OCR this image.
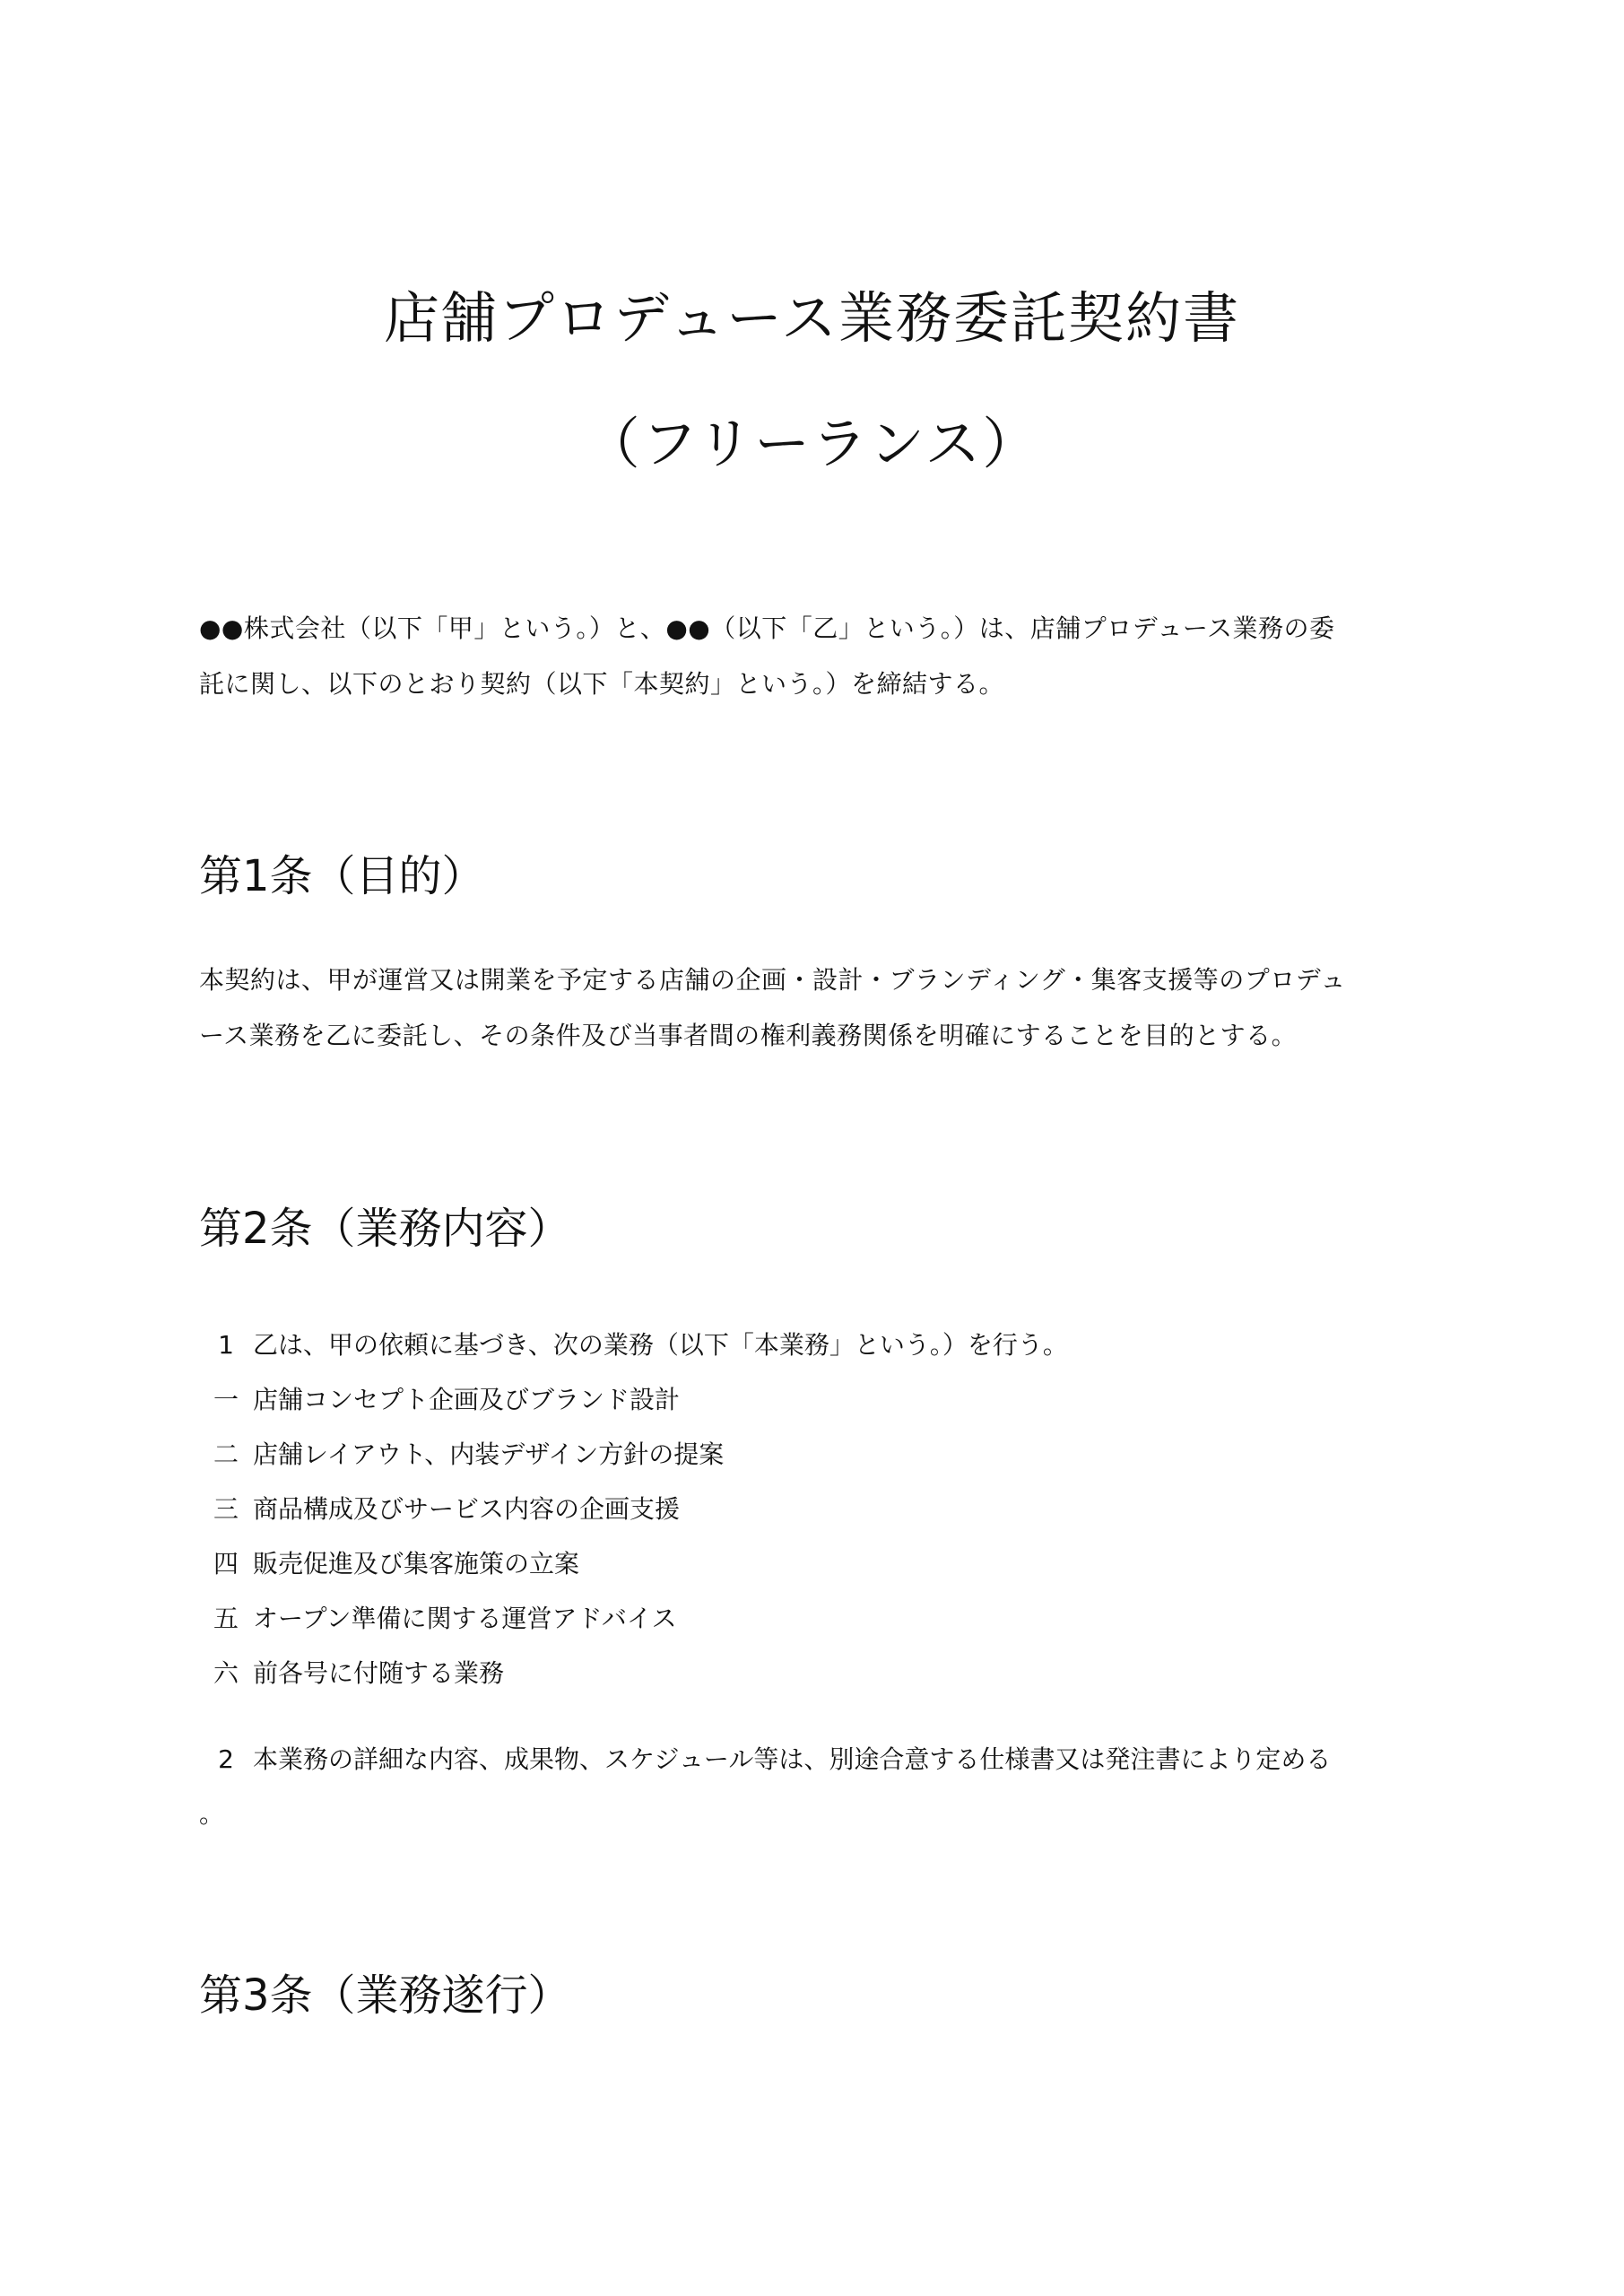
店舗プロデュース業務委託契約書
（フリーランス）
●●株式会社（以下「甲」という。）と、●●（以下「乙」という。）は、店舗プロデュース業務の委
託に関し、以下のとおり契約（以下「本契約」という。）を締結する。
第1条（目的）
本契約は、甲が運営又は開業を予定する店舗の企画・設計・ブランディング・集客支援等のプロデュ
ース業務を乙に委託し、その条件及び当事者間の権利義務関係を明確にすることを目的とする。
第2条（業務内容）
1 乙は、甲の依頼に基づき、次の業務（以下「本業務」という。）を行う。
一 店舗コンセプト企画及びブランド設計
二 店舗レイアウト、内装デザイン方針の提案
三 商品構成及びサービス内容の企画支援
四 販売促進及び集客施策の立案
五 オープン準備に関する運営アドバイス
六 前各号に付随する業務
2 本業務の詳細な内容、成果物、スケジュール等は、別途合意する仕様書又は発注書により定める
。
第3条（業務遂行）
